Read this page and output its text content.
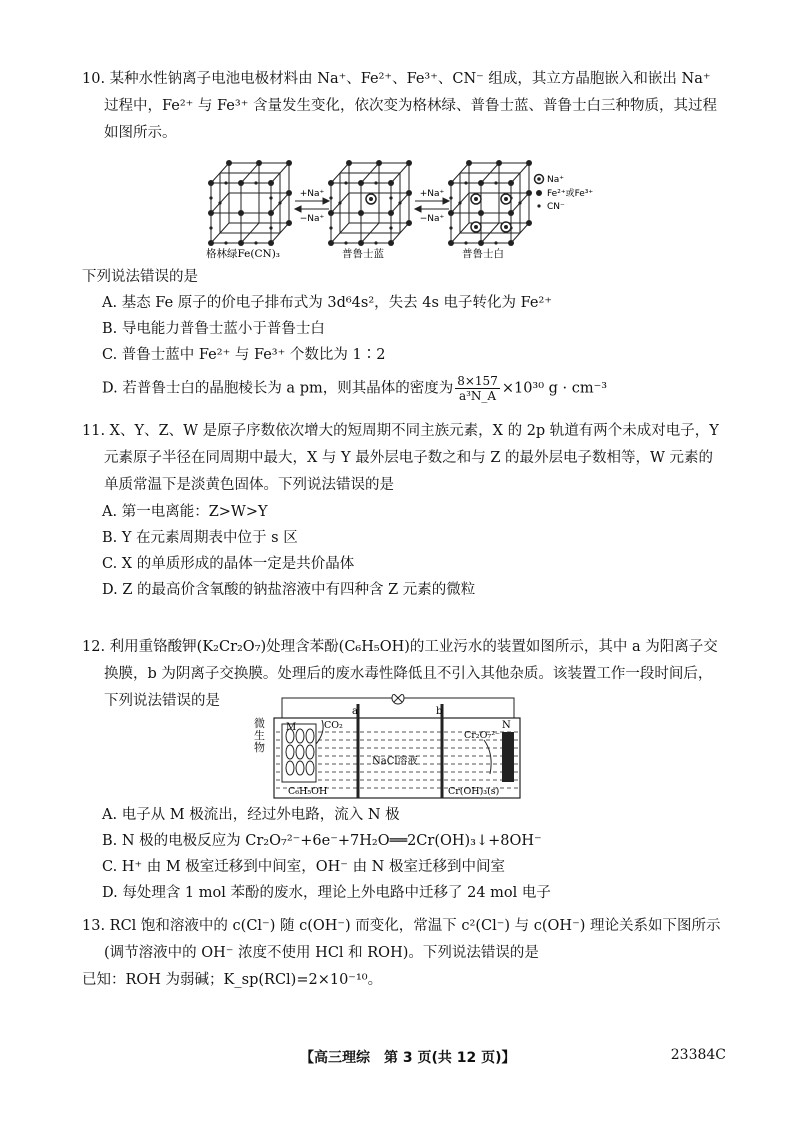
10. 某种水性钠离子电池电极材料由 Na⁺、Fe²⁺、Fe³⁺、CN⁻ 组成，其立方晶胞嵌入和嵌出 Na⁺ 过程中，Fe²⁺ 与 Fe³⁺ 含量发生变化，依次变为格林绿、普鲁士蓝、普鲁士白三种物质，其过程如图所示。

+Na⁺
−Na⁺
+Na⁺
−Na⁺
Na⁺
Fe²⁺或Fe³⁺
CN⁻
格林绿Fe(CN)₃	普鲁士蓝	普鲁士白

下列说法错误的是

A. 基态 Fe 原子的价电子排布式为 3d⁶4s²，失去 4s 电子转化为 Fe²⁺

B. 导电能力普鲁士蓝小于普鲁士白

C. 普鲁士蓝中 Fe²⁺ 与 Fe³⁺ 个数比为 1∶2

D. 若普鲁士白的晶胞棱长为 a pm，则其晶体的密度为 $\frac{8\times 157}{\text{a³N\_A}} \times 10^{30}$ g · cm⁻³

11. X、Y、Z、W 是原子序数依次增大的短周期不同主族元素，X 的 2p 轨道有两个未成对电子，Y 元素原子半径在同周期中最大，X 与 Y 最外层电子数之和与 Z 的最外层电子数相等，W 元素的单质常温下是淡黄色固体。下列说法错误的是

A. 第一电离能：Z>W>Y

B. Y 在元素周期表中位于 s 区

C. X 的单质形成的晶体一定是共价晶体

D. Z 的最高价含氧酸的钠盐溶液中有四种含 Z 元素的微粒

12. 利用重铬酸钾(K₂Cr₂O₇)处理含苯酚(C₆H₅OH)的工业污水的装置如图所示，其中 a 为阳离子交换膜，b 为阴离子交换膜。处理后的废水毒性降低且不引入其他杂质。该装置工作一段时间后，下列说法错误的是

a	b
M	N
CO₂
NaCl溶液
Cr₂O₇²⁻
C₆H₅OH	Cr(OH)₃(s)
微生物

A. 电子从 M 极流出，经过外电路，流入 N 极

B. N 极的电极反应为 Cr₂O₇²⁻+6e⁻+7H₂O══2Cr(OH)₃↓+8OH⁻

C. H⁺ 由 M 极室迁移到中间室，OH⁻ 由 N 极室迁移到中间室

D. 每处理含 1 mol 苯酚的废水，理论上外电路中迁移了 24 mol 电子

13. RCl 饱和溶液中的 c(Cl⁻) 随 c(OH⁻) 而变化，常温下 c²(Cl⁻) 与 c(OH⁻) 理论关系如下图所示(调节溶液中的 OH⁻ 浓度不使用 HCl 和 ROH)。下列说法错误的是

已知：ROH 为弱碱；K_sp(RCl)=2×10⁻¹⁰。

【高三理综　第 3 页(共 12 页)】	23384C
